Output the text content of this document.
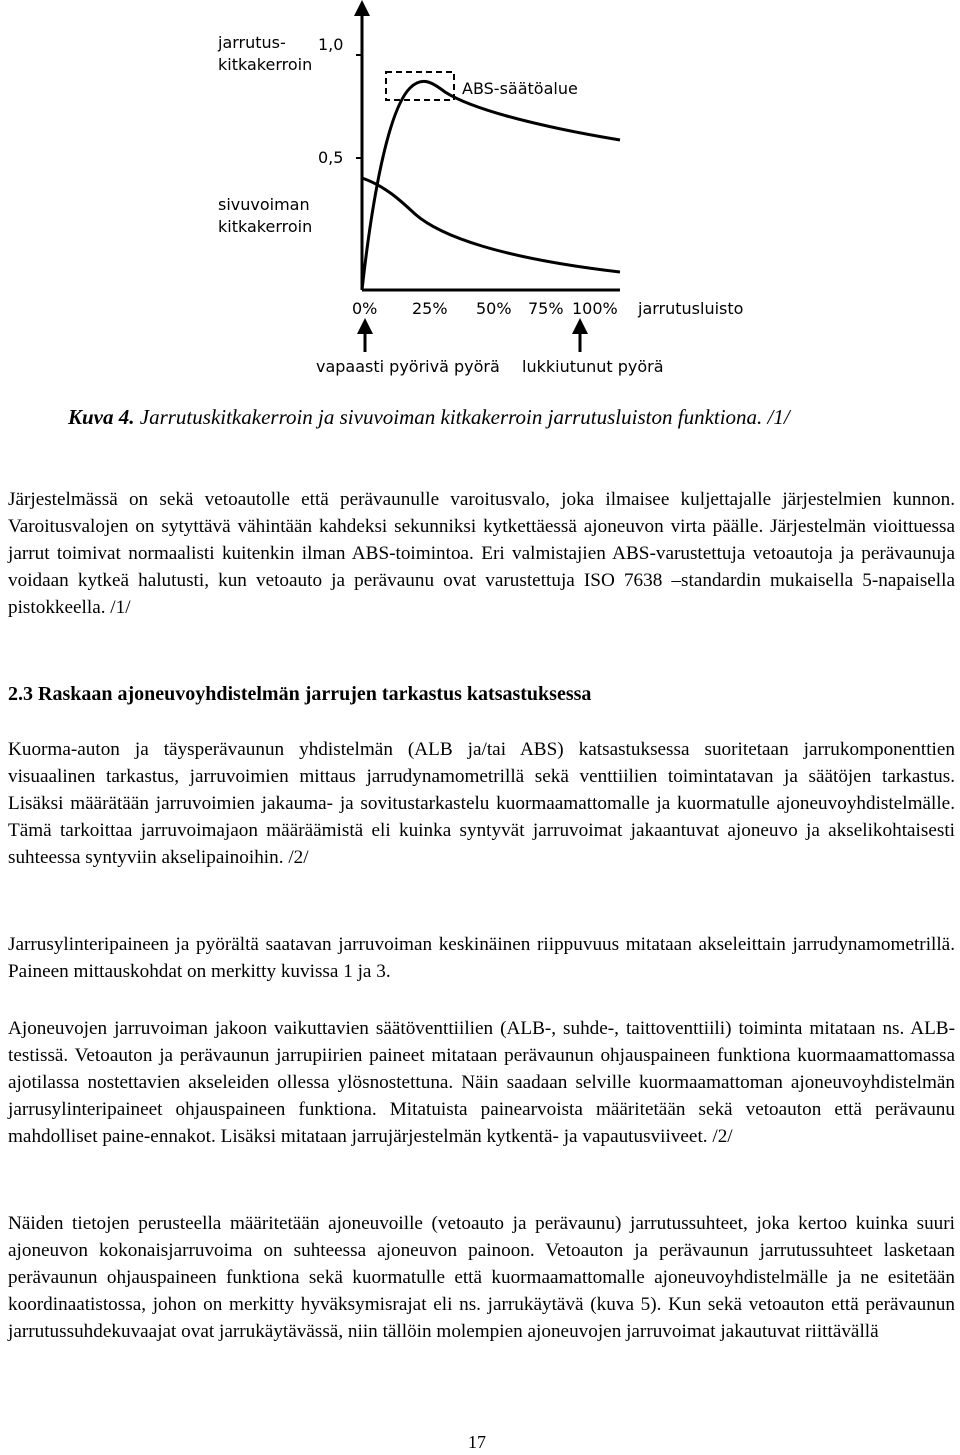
jarrutus-
kitkakerroin
1,0
0,5
sivuvoiman
kitkakerroin
ABS-säätöalue
0% 25% 50% 75% 100% jarrutusluisto
vapaasti pyörivä pyörä lukkiutunut pyörä
Kuva 4. Jarrutuskitkakerroin ja sivuvoiman kitkakerroin jarrutusluiston funktiona. /1/

Järjestelmässä on sekä vetoautolle että perävaunulle varoitusvalo, joka ilmaisee kuljettajalle järjestelmien kunnon. Varoitusvalojen on sytyttävä vähintään kahdeksi sekunniksi kytkettäessä ajoneuvon virta päälle. Järjestelmän vioittuessa jarrut toimivat normaalisti kuitenkin ilman ABS-toimintoa. Eri valmistajien ABS-varustettuja vetoautoja ja perävaunuja voidaan kytkeä halutusti, kun vetoauto ja perävaunu ovat varustettuja ISO 7638 –standardin mukaisella 5-napaisella pistokkeella. /1/

2.3 Raskaan ajoneuvoyhdistelmän jarrujen tarkastus katsastuksessa

Kuorma-auton ja täysperävaunun yhdistelmän (ALB ja/tai ABS) katsastuksessa suoritetaan jarrukomponenttien visuaalinen tarkastus, jarruvoimien mittaus jarrudynamometrillä sekä venttiilien toimintatavan ja säätöjen tarkastus. Lisäksi määrätään jarruvoimien jakauma- ja sovitustarkastelu kuormaamattomalle ja kuormatulle ajoneuvoyhdistelmälle. Tämä tarkoittaa jarruvoimajaon määräämistä eli kuinka syntyvät jarruvoimat jakaantuvat ajoneuvo ja akselikohtaisesti suhteessa syntyviin akselipainoihin. /2/

Jarrusylinteripaineen ja pyörältä saatavan jarruvoiman keskinäinen riippuvuus mitataan akseleittain jarrudynamometrillä. Paineen mittauskohdat on merkitty kuvissa 1 ja 3.

Ajoneuvojen jarruvoiman jakoon vaikuttavien säätöventtiilien (ALB-, suhde-, taittoventtiili) toiminta mitataan ns. ALB-testissä. Vetoauton ja perävaunun jarrupiirien paineet mitataan perävaunun ohjauspaineen funktiona kuormaamattomassa ajotilassa nostettavien akseleiden ollessa ylösnostettuna. Näin saadaan selville kuormaamattoman ajoneuvoyhdistelmän jarrusylinteripaineet ohjauspaineen funktiona. Mitatuista painearvoista määritetään sekä vetoauton että perävaunu mahdolliset paine-ennakot. Lisäksi mitataan jarrujärjestelmän kytkentä- ja vapautusviiveet. /2/

Näiden tietojen perusteella määritetään ajoneuvoille (vetoauto ja perävaunu) jarrutussuhteet, joka kertoo kuinka suuri ajoneuvon kokonaisjarruvoima on suhteessa ajoneuvon painoon. Vetoauton ja perävaunun jarrutussuhteet lasketaan perävaunun ohjauspaineen funktiona sekä kuormatulle että kuormaamattomalle ajoneuvoyhdistelmälle ja ne esitetään koordinaatistossa, johon on merkitty hyväksymisrajat eli ns. jarrukäytävä (kuva 5). Kun sekä vetoauton että perävaunun jarrutussuhdekuvaajat ovat jarrukäytävässä, niin tällöin molempien ajoneuvojen jarruvoimat jakautuvat riittävällä

17
